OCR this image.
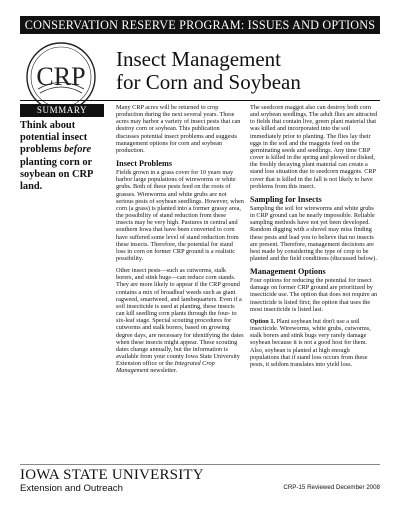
CONSERVATION RESERVE PROGRAM: ISSUES AND OPTIONS
CRP
Insect Management
for Corn and Soybean
SUMMARY
Think about potential insect problems before planting corn or soybean on CRP land.

Many CRP acres will be returned to crop production during the next several years. These acres may harbor a variety of insect pests that can destroy corn or soybean. This publication discusses potential insect problems and suggests management options for corn and soybean production.

Insect Problems

Fields grown in a grass cover for 10 years may harbor large populations of wireworms or white grubs. Both of these pests feed on the roots of grasses. Wireworms and white grubs are not serious pests of soybean seedlings. However, when corn (a grass) is planted into a former grassy area, the possibility of stand reduction from these insects may be very high. Pastures in central and southern Iowa that have been converted to corn have suffered some level of stand reduction from these insects. Therefore, the potential for stand loss in corn on former CRP ground is a realistic possibility.

Other insect pests—such as cutworms, stalk borers, and stink bugs—can reduce corn stands. They are more likely to appear if the CRP ground contains a mix of broadleaf weeds such as giant ragweed, smartweed, and lambsquarters. Even if a soil insecticide is used at planting, these insects can kill seedling corn plants through the four- to six-leaf stage. Special scouting procedures for cutworms and stalk borers, based on growing degree days, are necessary for identifying the dates when these insects might appear. These scouting dates change annually, but the information is available from your county Iowa State University Extension office or the Integrated Crop Management newsletter.

The seedcorn maggot also can destroy both corn and soybean seedlings. The adult flies are attracted to fields that contain live, green plant material that was killed and incorporated into the soil immediately prior to planting. The flies lay their eggs in the soil and the maggots feed on the germinating seeds and seedlings. Any time CRP cover is killed in the spring and plowed or disked, the freshly decaying plant material can create a stand loss situation due to seedcorn maggots. CRP cover that is killed in the fall is not likely to have problems from this insect.

Sampling for Insects

Sampling the soil for wireworms and white grubs in CRP ground can be nearly impossible. Reliable sampling methods have not yet been developed. Random digging with a shovel may miss finding these pests and lead you to believe that no insects are present. Therefore, management decisions are best made by considering the type of crop to be planted and the field conditions (discussed below).

Management Options

Four options for reducing the potential for insect damage on former CRP ground are prioritized by insecticide use. The option that does not require an insecticide is listed first; the option that uses the most insecticide is listed last.

Option 1. Plant soybean but don't use a soil insecticide. Wireworms, white grubs, cutworms, stalk borers and stink bugs very rarely damage soybean because it is not a good host for them. Also, soybean is planted at high enough populations that if stand loss occurs from these pests, it seldom translates into yield loss.

IOWA STATE UNIVERSITY
Extension and Outreach	CRP-15 Reviewed December 2008
